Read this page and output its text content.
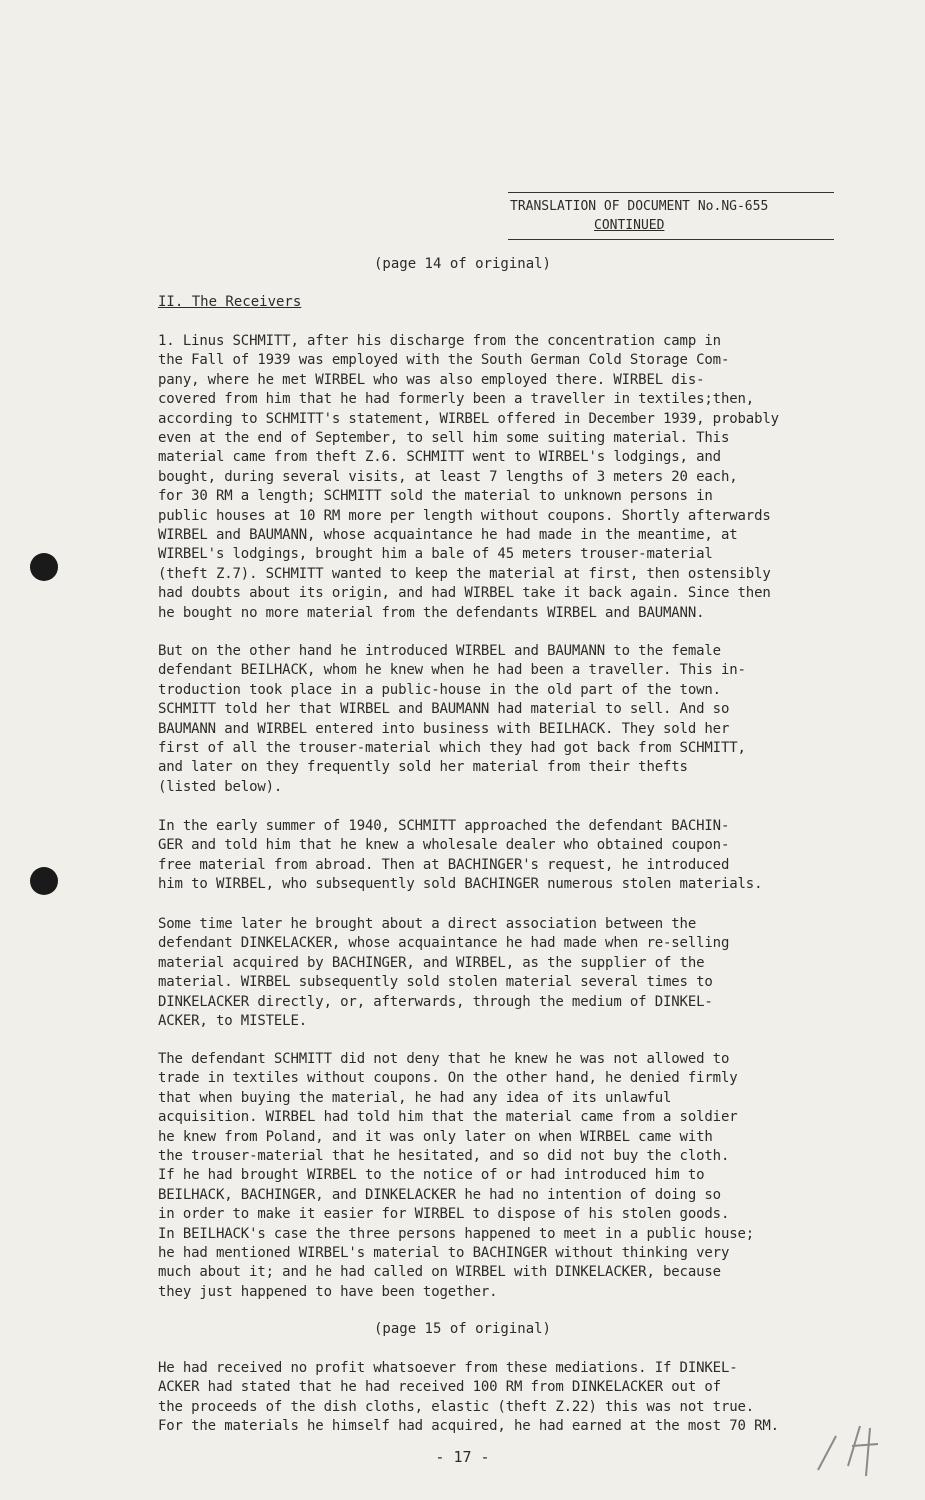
TRANSLATION OF DOCUMENT No.NG-655
CONTINUED
(page 14 of original)
II. The Receivers
1. Linus SCHMITT, after his discharge from the concentration camp in
the Fall of 1939 was employed with the South German Cold Storage Com-
pany, where he met WIRBEL who was also employed there. WIRBEL dis-
covered from him that he had formerly been a traveller in textiles;then,
according to SCHMITT's statement, WIRBEL offered in December 1939, probably
even at the end of September, to sell him some suiting material. This
material came from theft Z.6. SCHMITT went to WIRBEL's lodgings, and
bought, during several visits, at least 7 lengths of 3 meters 20 each,
for 30 RM a length; SCHMITT sold the material to unknown persons in
public houses at 10 RM more per length without coupons. Shortly afterwards
WIRBEL and BAUMANN, whose acquaintance he had made in the meantime, at
WIRBEL's lodgings, brought him a bale of 45 meters trouser-material
(theft Z.7). SCHMITT wanted to keep the material at first, then ostensibly
had doubts about its origin, and had WIRBEL take it back again. Since then
he bought no more material from the defendants WIRBEL and BAUMANN.
But on the other hand he introduced WIRBEL and BAUMANN to the female
defendant BEILHACK, whom he knew when he had been a traveller. This in-
troduction took place in a public-house in the old part of the town.
SCHMITT told her that WIRBEL and BAUMANN had material to sell. And so
BAUMANN and WIRBEL entered into business with BEILHACK. They sold her
first of all the trouser-material which they had got back from SCHMITT,
and later on they frequently sold her material from their thefts
(listed below).
In the early summer of 1940, SCHMITT approached the defendant BACHIN-
GER and told him that he knew a wholesale dealer who obtained coupon-
free material from abroad. Then at BACHINGER's request, he introduced
him to WIRBEL, who subsequently sold BACHINGER numerous stolen materials.
Some time later he brought about a direct association between the
defendant DINKELACKER, whose acquaintance he had made when re-selling
material acquired by BACHINGER, and WIRBEL, as the supplier of the
material. WIRBEL subsequently sold stolen material several times to
DINKELACKER directly, or, afterwards, through the medium of DINKEL-
ACKER, to MISTELE.
The defendant SCHMITT did not deny that he knew he was not allowed to
trade in textiles without coupons. On the other hand, he denied firmly
that when buying the material, he had any idea of its unlawful
acquisition. WIRBEL had told him that the material came from a soldier
he knew from Poland, and it was only later on when WIRBEL came with
the trouser-material that he hesitated, and so did not buy the cloth.
If he had brought WIRBEL to the notice of or had introduced him to
BEILHACK, BACHINGER, and DINKELACKER he had no intention of doing so
in order to make it easier for WIRBEL to dispose of his stolen goods.
In BEILHACK's case the three persons happened to meet in a public house;
he had mentioned WIRBEL's material to BACHINGER without thinking very
much about it; and he had called on WIRBEL with DINKELACKER, because
they just happened to have been together.
(page 15 of original)
He had received no profit whatsoever from these mediations. If DINKEL-
ACKER had stated that he had received 100 RM from DINKELACKER out of
the proceeds of the dish cloths, elastic (theft Z.22) this was not true.
For the materials he himself had acquired, he had earned at the most 70 RM.
- 17 -
